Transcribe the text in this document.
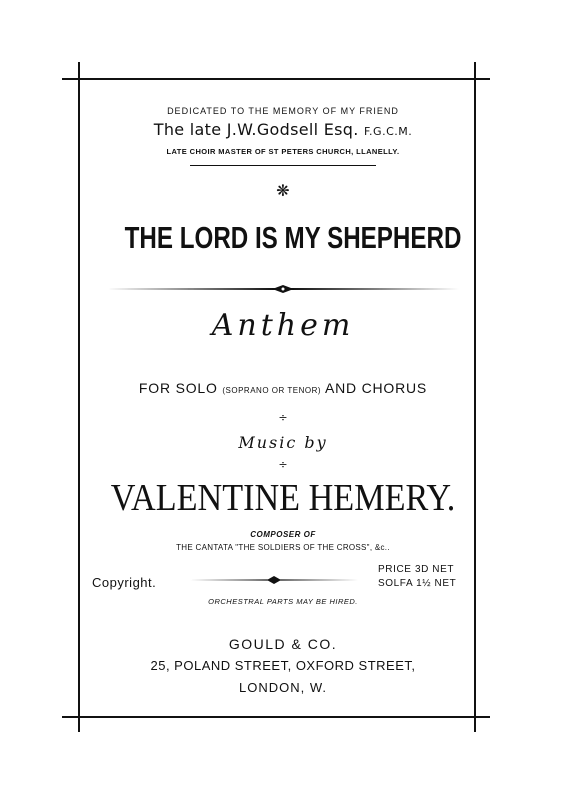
DEDICATED TO THE MEMORY OF MY FRIEND
The late J.W.Godsell Esq. F.G.C.M.
LATE CHOIR MASTER OF ST PETERS CHURCH, LLANELLY.
❋
THE LORD IS MY SHEPHERD
Anthem
FOR SOLO (SOPRANO OR TENOR) AND CHORUS
÷
Music by
÷
VALENTINE HEMERY.
COMPOSER OF
THE CANTATA "THE SOLDIERS OF THE CROSS", &c..
Copyright.
PRICE 3D NET
SOLFA 1½ NET
ORCHESTRAL PARTS MAY BE HIRED.
GOULD & CO.
25, POLAND STREET, OXFORD STREET,
LONDON, W.
